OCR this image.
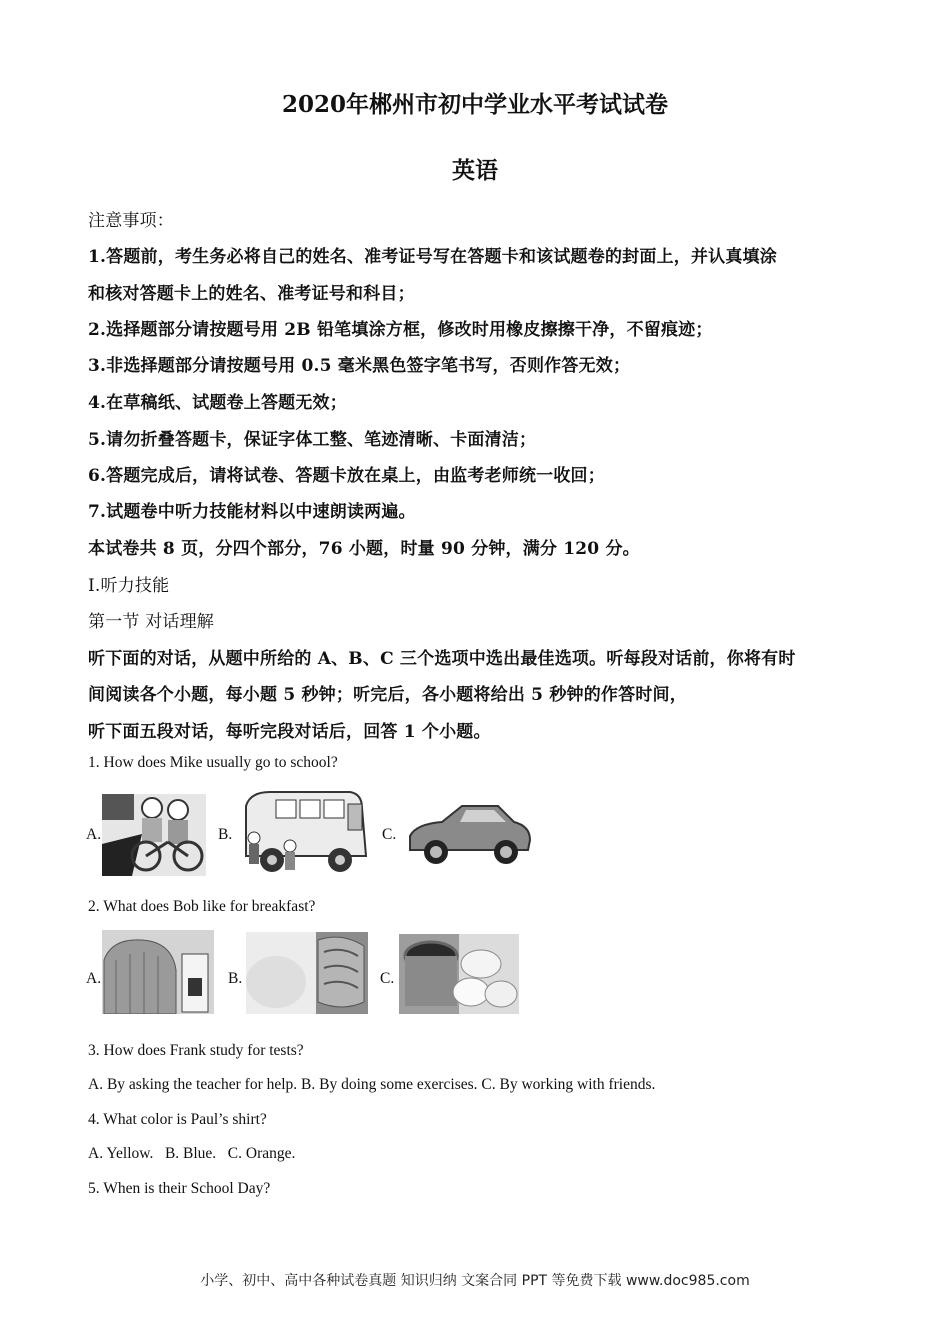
2020年郴州市初中学业水平考试试卷
英语
注意事项：
1.答题前，考生务必将自己的姓名、准考证号写在答题卡和该试题卷的封面上，并认真填涂
和核对答题卡上的姓名、准考证号和科目；
2.选择题部分请按题号用 2B 铅笔填涂方框，修改时用橡皮擦擦干净，不留痕迹；
3.非选择题部分请按题号用 0.5 毫米黑色签字笔书写，否则作答无效；
4.在草稿纸、试题卷上答题无效；
5.请勿折叠答题卡，保证字体工整、笔迹清晰、卡面清洁；
6.答题完成后，请将试卷、答题卡放在桌上，由监考老师统一收回；
7.试题卷中听力技能材料以中速朗读两遍。
本试卷共 8 页，分四个部分，76 小题，时量 90 分钟，满分 120 分。
Ⅰ.听力技能
第一节 对话理解
听下面的对话，从题中所给的 A、B、C 三个选项中选出最佳选项。听每段对话前，你将有时
间阅读各个小题，每小题 5 秒钟；听完后，各小题将给出 5 秒钟的作答时间，
听下面五段对话，每听完段对话后，回答 1 个小题。
1. How does Mike usually go to school?
A.	B.	C.
2. What does Bob like for breakfast?
A.	B.	C.
3. How does Frank study for tests?
A. By asking the teacher for help. B. By doing some exercises. C. By working with friends.
4. What color is Paul’s shirt?
A. Yellow.   B. Blue.   C. Orange.
5. When is their School Day?
小学、初中、高中各种试卷真题 知识归纳 文案合同 PPT 等免费下载 www.doc985.com
